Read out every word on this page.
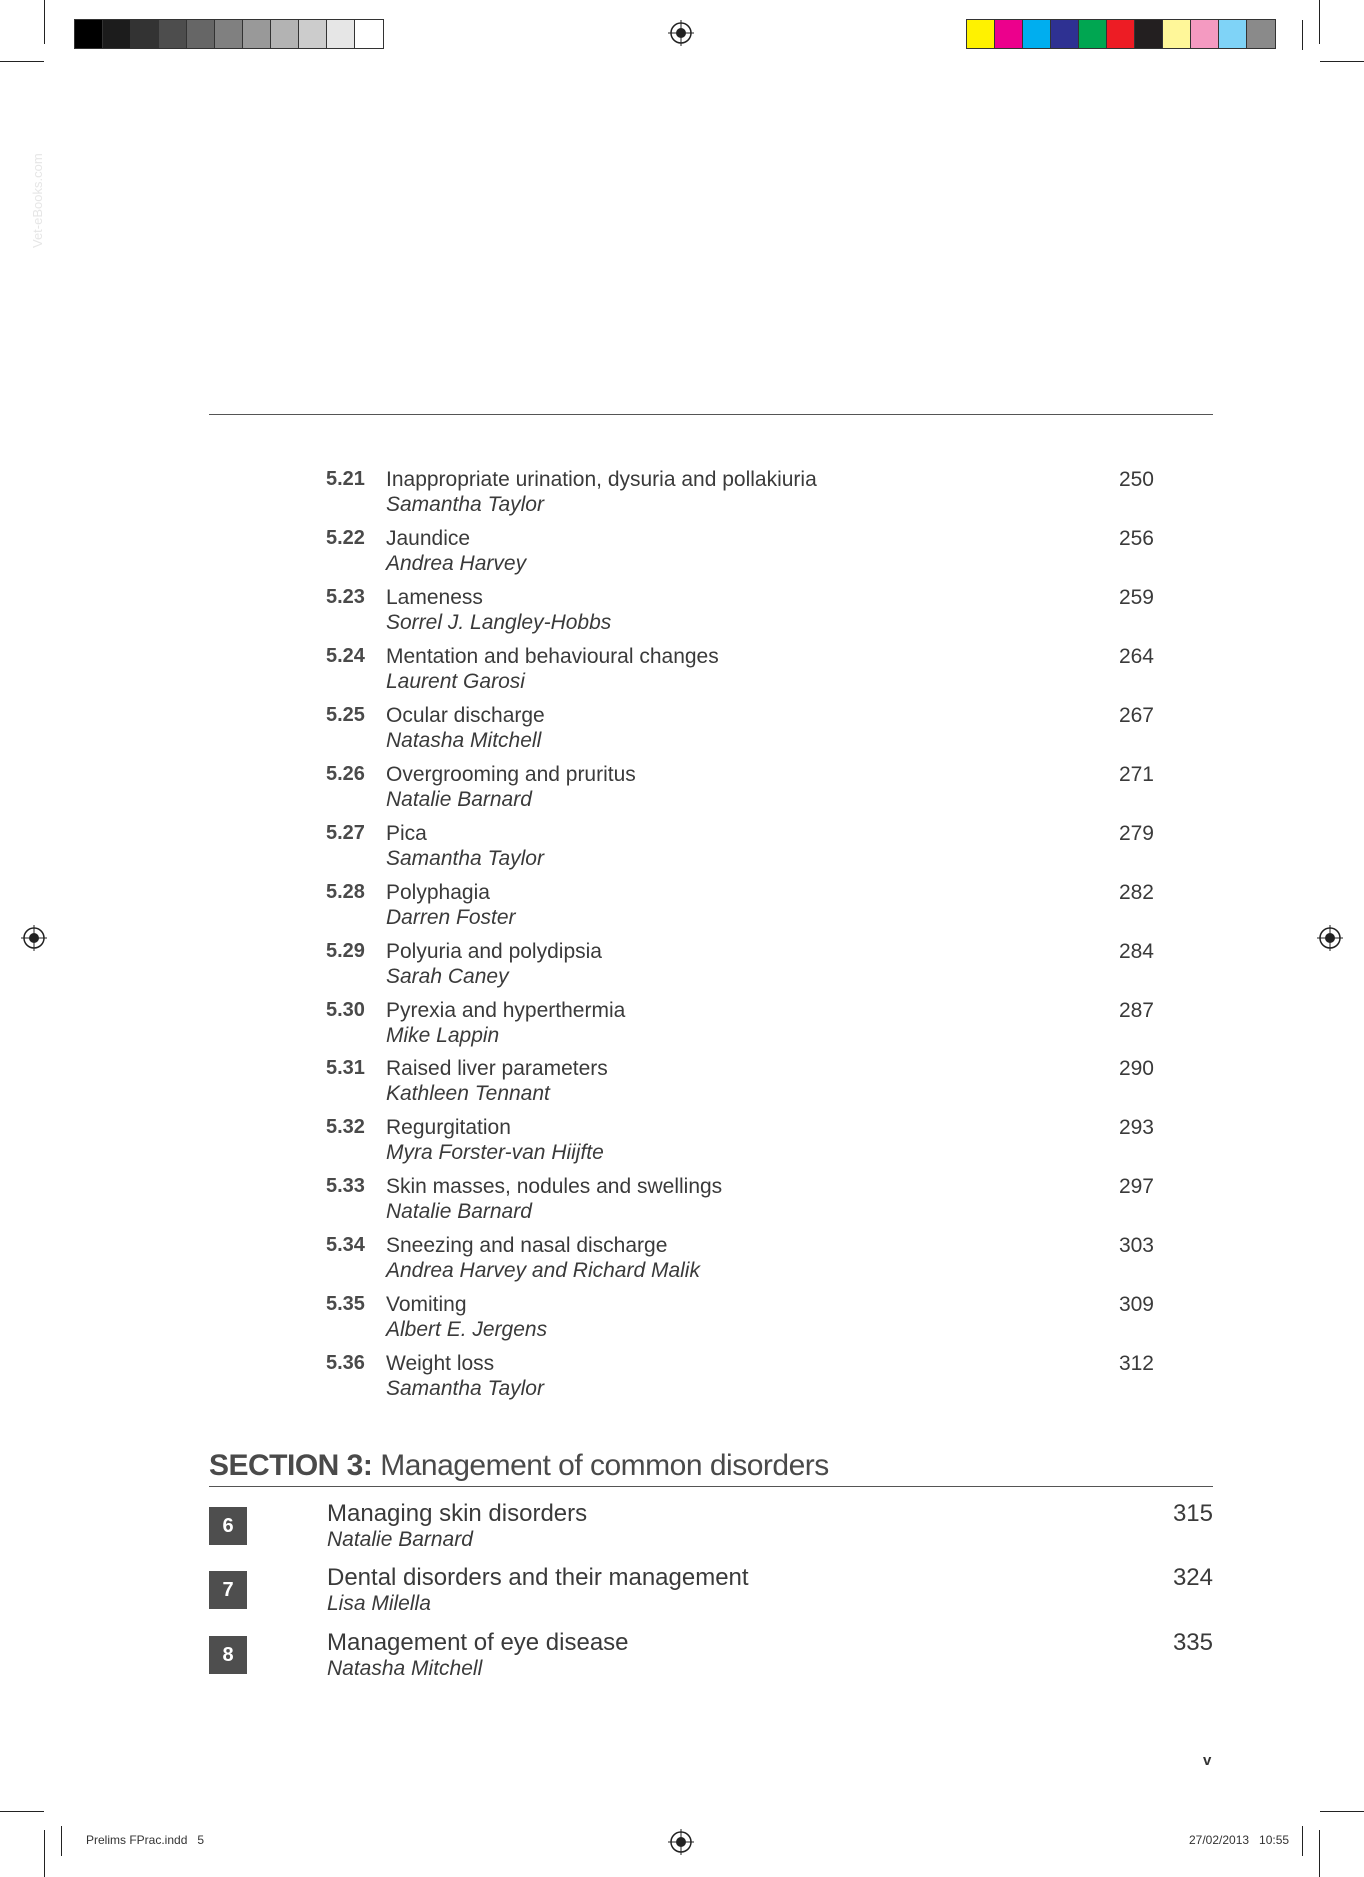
Vet-eBooks.com
5.21 Inappropriate urination, dysuria and pollakiuria
Samantha Taylor
250
5.22 Jaundice
Andrea Harvey
256
5.23 Lameness
Sorrel J. Langley-Hobbs
259
5.24 Mentation and behavioural changes
Laurent Garosi
264
5.25 Ocular discharge
Natasha Mitchell
267
5.26 Overgrooming and pruritus
Natalie Barnard
271
5.27 Pica
Samantha Taylor
279
5.28 Polyphagia
Darren Foster
282
5.29 Polyuria and polydipsia
Sarah Caney
284
5.30 Pyrexia and hyperthermia
Mike Lappin
287
5.31 Raised liver parameters
Kathleen Tennant
290
5.32 Regurgitation
Myra Forster-van Hiijfte
293
5.33 Skin masses, nodules and swellings
Natalie Barnard
297
5.34 Sneezing and nasal discharge
Andrea Harvey and Richard Malik
303
5.35 Vomiting
Albert E. Jergens
309
5.36 Weight loss
Samantha Taylor
312
SECTION 3: Management of common disorders
6	Managing skin disorders
Natalie Barnard
315
7	Dental disorders and their management
Lisa Milella
324
8	Management of eye disease
Natasha Mitchell
335
v
Prelims FPrac.indd   5	27/02/2013   10:55
